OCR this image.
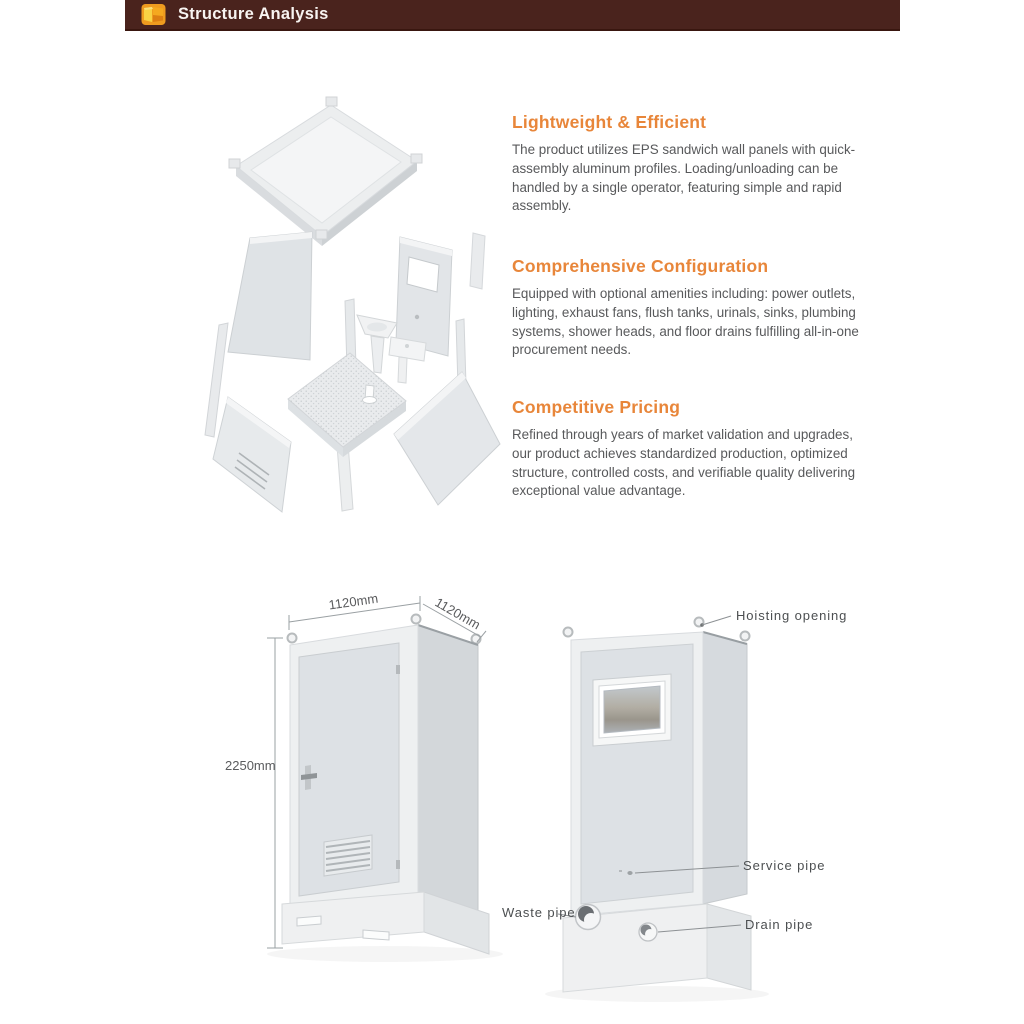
Structure Analysis
Lightweight & Efficient

The product utilizes EPS sandwich wall panels with quick-assembly aluminum profiles. Loading/unloading can be handled by a single operator, featuring simple and rapid assembly.

Comprehensive Configuration

Equipped with optional amenities including: power outlets, lighting, exhaust fans, flush tanks, urinals, sinks, plumbing systems, shower heads, and floor drains fulfilling all-in-one procurement needs.

Competitive Pricing

Refined through years of market validation and upgrades, our product achieves standardized production, optimized structure, controlled costs, and verifiable quality delivering exceptional value advantage.

2250mm
1120mm	1120mm	Hoisting opening
Service pipe
Waste pipe
Drain pipe
